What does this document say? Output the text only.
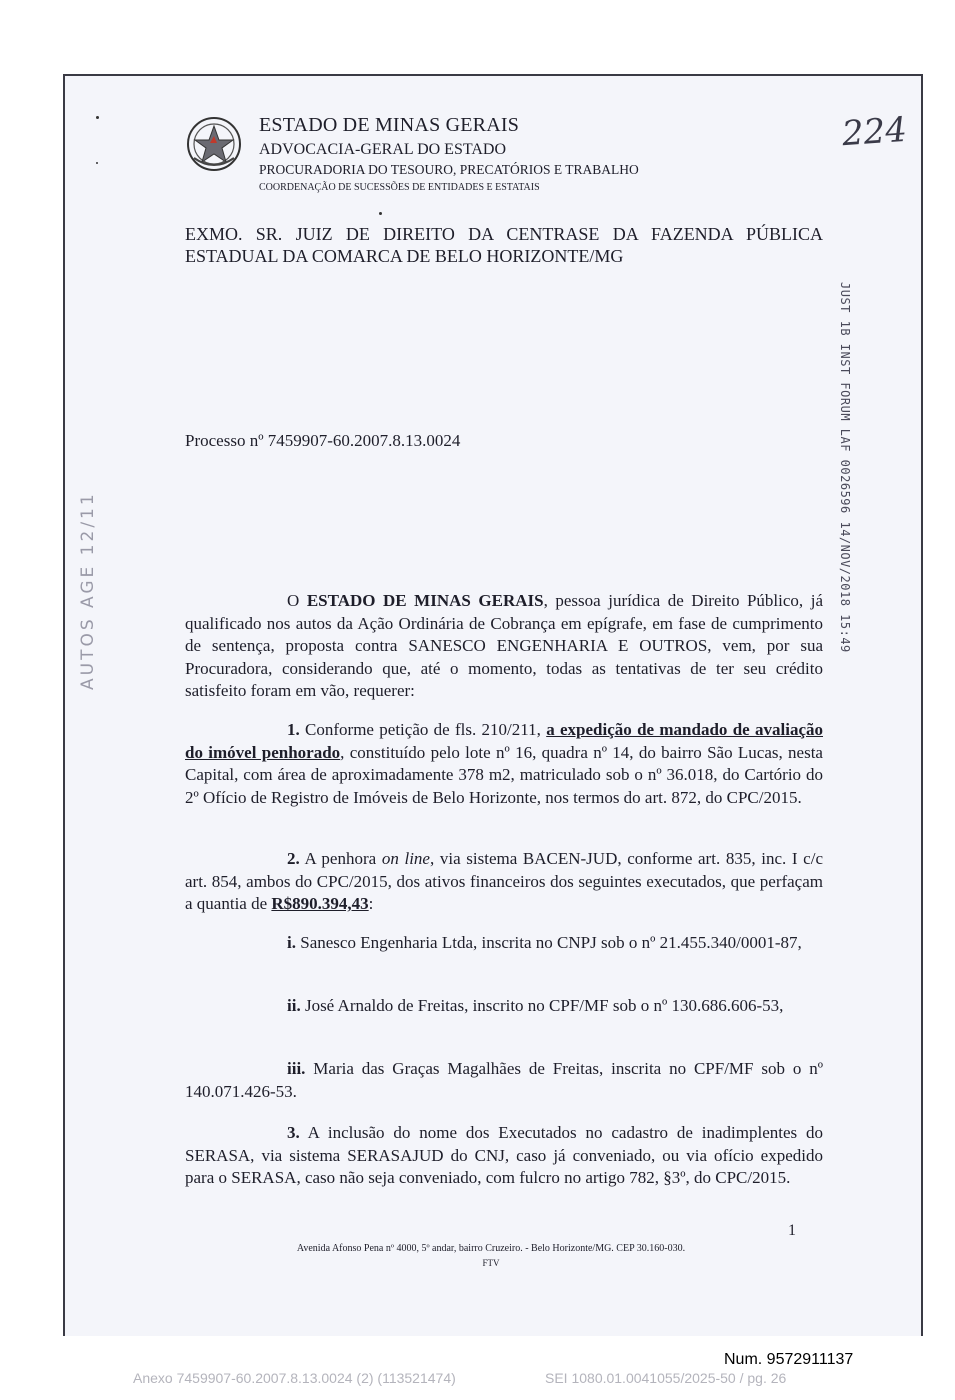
ESTADO DE MINAS GERAIS
ADVOCACIA-GERAL DO ESTADO
PROCURADORIA DO TESOURO, PRECATÓRIOS E TRABALHO
COORDENAÇÃO DE SUCESSÕES DE ENTIDADES E ESTATAIS
224
EXMO. SR. JUIZ DE DIREITO DA CENTRASE DA FAZENDA PÚBLICA
ESTADUAL DA COMARCA DE BELO HORIZONTE/MG
JUST 1B INST FORUM LAF 0026596 14/NOV/2018 15:49
AUTOS AGE 12/11
Processo nº 7459907-60.2007.8.13.0024
O ESTADO DE MINAS GERAIS, pessoa jurídica de Direito Público, já qualificado nos autos da Ação Ordinária de Cobrança em epígrafe, em fase de cumprimento de sentença, proposta contra SANESCO ENGENHARIA E OUTROS, vem, por sua Procuradora, considerando que, até o momento, todas as tentativas de ter seu crédito satisfeito foram em vão, requerer:
1. Conforme petição de fls. 210/211, a expedição de mandado de avaliação do imóvel penhorado, constituído pelo lote nº 16, quadra nº 14, do bairro São Lucas, nesta Capital, com área de aproximadamente 378 m2, matriculado sob o nº 36.018, do Cartório do 2º Ofício de Registro de Imóveis de Belo Horizonte, nos termos do art. 872, do CPC/2015.
2. A penhora on line, via sistema BACEN-JUD, conforme art. 835, inc. I c/c art. 854, ambos do CPC/2015, dos ativos financeiros dos seguintes executados, que perfaçam a quantia de R$890.394,43:
i. Sanesco Engenharia Ltda, inscrita no CNPJ sob o nº 21.455.340/0001-87,
ii. José Arnaldo de Freitas, inscrito no CPF/MF sob o nº 130.686.606-53,
iii. Maria das Graças Magalhães de Freitas, inscrita no CPF/MF sob o nº 140.071.426-53.
3. A inclusão do nome dos Executados no cadastro de inadimplentes do SERASA, via sistema SERASAJUD do CNJ, caso já conveniado, ou via ofício expedido para o SERASA, caso não seja conveniado, com fulcro no artigo 782, §3º, do CPC/2015.
1
Avenida Afonso Pena nº 4000, 5º andar, bairro Cruzeiro. - Belo Horizonte/MG. CEP 30.160-030.
FTV
Num. 9572911137
Anexo 7459907-60.2007.8.13.0024 (2) (113521474)	SEI 1080.01.0041055/2025-50 / pg. 26
